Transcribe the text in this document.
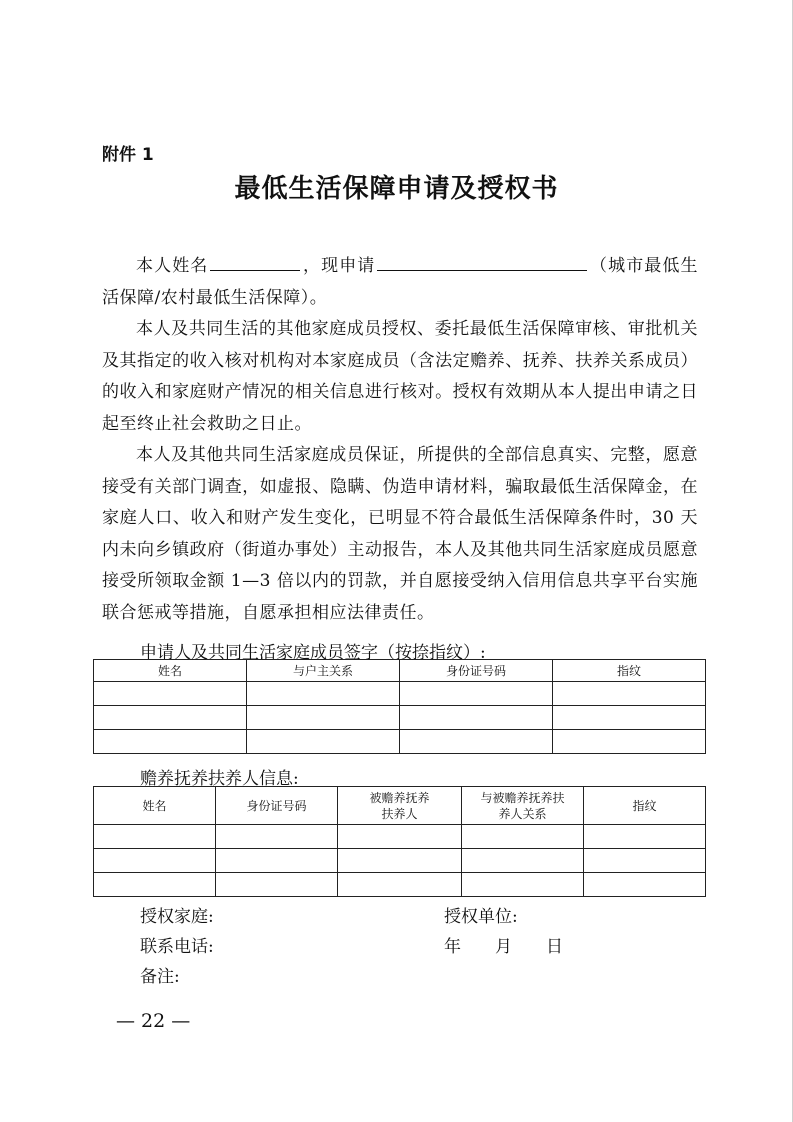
附件 1
最低生活保障申请及授权书

本人姓名	，现申请	（城市最低生活保障/农村最低生活保障）。

本人及共同生活的其他家庭成员授权、委托最低生活保障审核、审批机关及其指定的收入核对机构对本家庭成员（含法定赡养、抚养、扶养关系成员）的收入和家庭财产情况的相关信息进行核对。授权有效期从本人提出申请之日起至终止社会救助之日止。

本人及其他共同生活家庭成员保证，所提供的全部信息真实、完整，愿意接受有关部门调查，如虚报、隐瞒、伪造申请材料，骗取最低生活保障金，在家庭人口、收入和财产发生变化，已明显不符合最低生活保障条件时，30 天内未向乡镇政府（街道办事处）主动报告，本人及其他共同生活家庭成员愿意接受所领取金额 1—3 倍以内的罚款，并自愿接受纳入信用信息共享平台实施联合惩戒等措施，自愿承担相应法律责任。

申请人及共同生活家庭成员签字（按捺指纹）:
姓名	与户主关系	身份证号码	指纹

赡养抚养扶养人信息:
姓名	身份证号码	被赡养抚养扶养人	与被赡养抚养扶养人关系	指纹

授权家庭:	授权单位:
联系电话:	年　　月　　日
备注:
— 22 —
